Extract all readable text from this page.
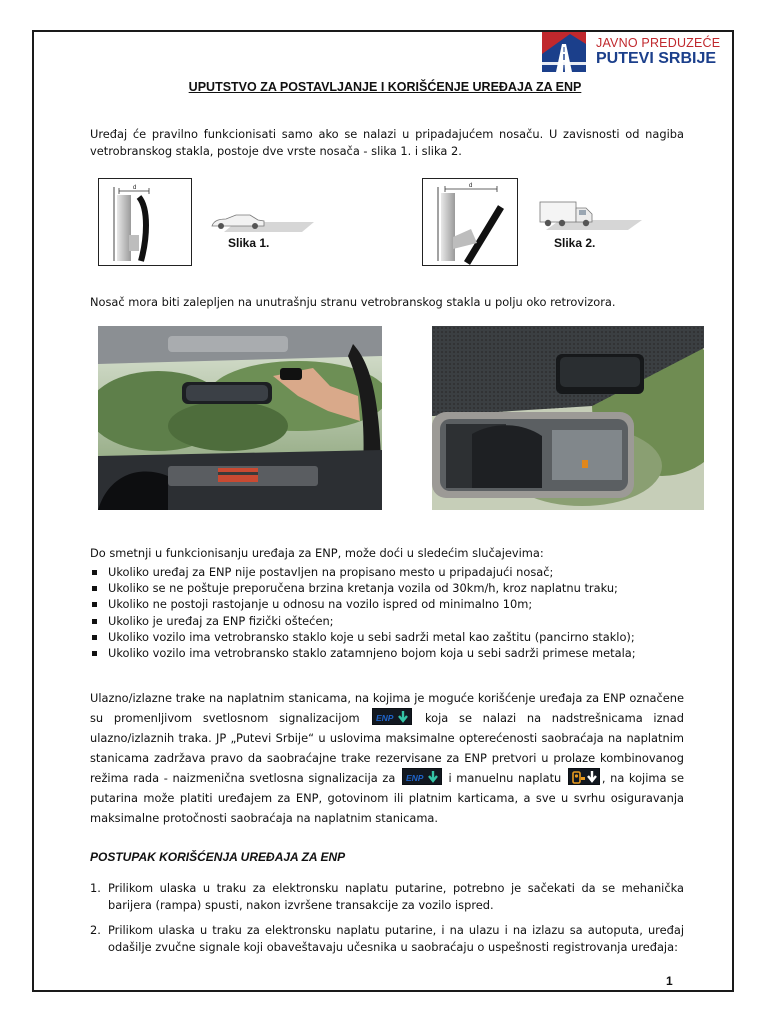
JAVNO PREDUZEĆE
PUTEVI SRBIJE
UPUTSTVO ZA POSTAVLJANJE I KORIŠĆENJE UREĐAJA ZA ENP
Uređaj će pravilno funkcionisati samo ako se nalazi u pripadajućem nosaču. U zavisnosti od nagiba vetrobranskog stakla, postoje dve vrste nosača - slika 1. i slika 2.
d
Slika 1.
d
Slika 2.
Nosač mora biti zalepljen na unutrašnju stranu vetrobranskog stakla u polju oko retrovizora.
Do smetnji u funkcionisanju uređaja za ENP, može doći u sledećim slučajevima:
Ukoliko uređaj za ENP nije postavljen na propisano mesto u pripadajući nosač;
Ukoliko se ne poštuje preporučena brzina kretanja vozila od 30km/h, kroz naplatnu traku;
Ukoliko ne postoji rastojanje u odnosu na vozilo ispred od minimalno 10m;
Ukoliko je uređaj za ENP fizički oštećen;
Ukoliko vozilo ima vetrobransko staklo koje u sebi sadrži metal kao zaštitu (pancirno staklo);
Ukoliko vozilo ima vetrobransko staklo zatamnjeno bojom koja u sebi sadrži primese metala;
Ulazno/izlazne trake na naplatnim stanicama, na kojima je moguće korišćenje uređaja za ENP označene su promenljivom svetlosnom signalizacijom ENP	koja se nalazi na nadstrešnicama iznad ulazno/izlaznih traka. JP „Putevi Srbije“ u uslovima maksimalne opterećenosti saobraćaja na naplatnim stanicama zadržava pravo da saobraćajne trake rezervisane za ENP pretvori u prolaze kombinovanog režima rada - naizmenična svetlosna signalizacija za ENP i manuelnu naplatu	, na kojima se putarina može platiti uređajem za ENP, gotovinom ili platnim karticama, a sve u svrhu osiguravanja maksimalne protočnosti saobraćaja na naplatnim stanicama.
POSTUPAK KORIŠĆENJA UREĐAJA ZA ENP
1. Prilikom ulaska u traku za elektronsku naplatu putarine, potrebno je sačekati da se mehanička barijera (rampa) spusti, nakon izvršene transakcije za vozilo ispred.
2. Prilikom ulaska u traku za elektronsku naplatu putarine, i na ulazu i na izlazu sa autoputa, uređaj odašilje zvučne signale koji obaveštavaju učesnika u saobraćaju o uspešnosti registrovanja uređaja:
1
